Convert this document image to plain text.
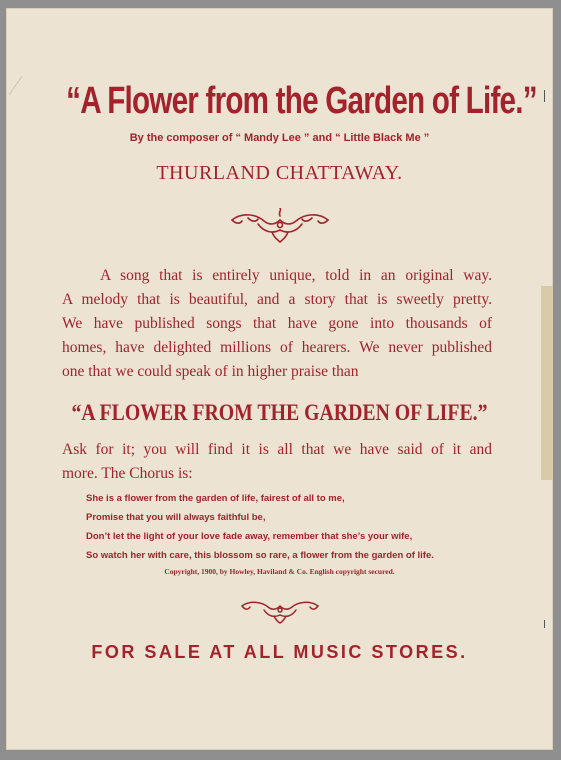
“A Flower from the Garden of Life.”
By the composer of “ Mandy Lee ” and “ Little Black Me ”
THURLAND CHATTAWAY.
A song that is entirely unique, told in an original way.
A melody that is beautiful, and a story that is sweetly pretty.
We have published songs that have gone into thousands of
homes, have delighted millions of hearers. We never published
one that we could speak of in higher praise than
“A FLOWER FROM THE GARDEN OF LIFE.”
Ask for it; you will find it is all that we have said of it and
more. The Chorus is:
She is a flower from the garden of life, fairest of all to me,
Promise that you will always faithful be,
Don’t let the light of your love fade away, remember that she’s your wife,
So watch her with care, this blossom so rare, a flower from the garden of life.
Copyright, 1900, by Howley, Haviland & Co. English copyright secured.
FOR SALE AT ALL MUSIC STORES.
